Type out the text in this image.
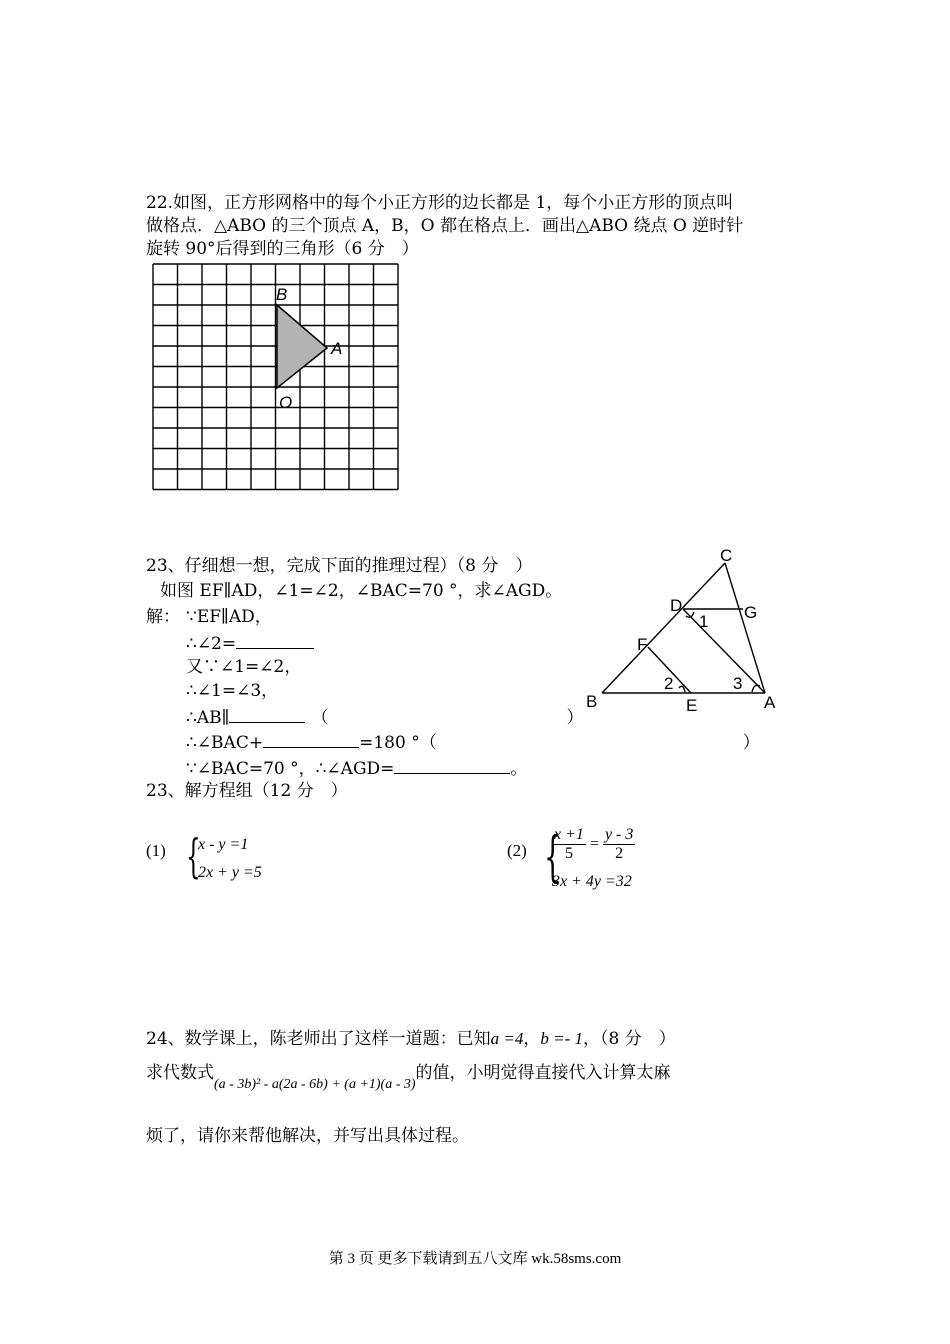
22.如图，正方形网格中的每个小正方形的边长都是 1，每个小正方形的顶点叫
做格点．△ABO 的三个顶点 A，B，O 都在格点上．画出△ABO 绕点 O 逆时针
旋转 90°后得到的三角形（6 分　）
B
A
O
23、仔细想一想，完成下面的推理过程）（8 分　）
如图 EF∥AD，∠1=∠2，∠BAC=70 °，求∠AGD。
解： ∵EF∥AD，
∴∠2=
又∵∠1=∠2，
∴∠1=∠3，
∴AB∥	（	）
∴∠BAC+	=180 °（	）
∵∠BAC=70 °，∴∠AGD=	。
C
D	G
1
F
2	3
B	E	A
23、解方程组（12 分　）
(1) {
x - y =1
2x + y =5
(2) {
$\frac{x +1}{5} = \frac{y - 3}{2}$
3x + 4y =32
24、数学课上，陈老师出了这样一道题：已知a =4，b =- 1，（8 分　）
求代数式$_{(a - 3b)^2 - a(2a - 6b) + (a +1)(a - 3)}$的值，小明觉得直接代入计算太麻
烦了，请你来帮他解决，并写出具体过程。
第 3 页 更多下载请到五八文库 wk.58sms.com
